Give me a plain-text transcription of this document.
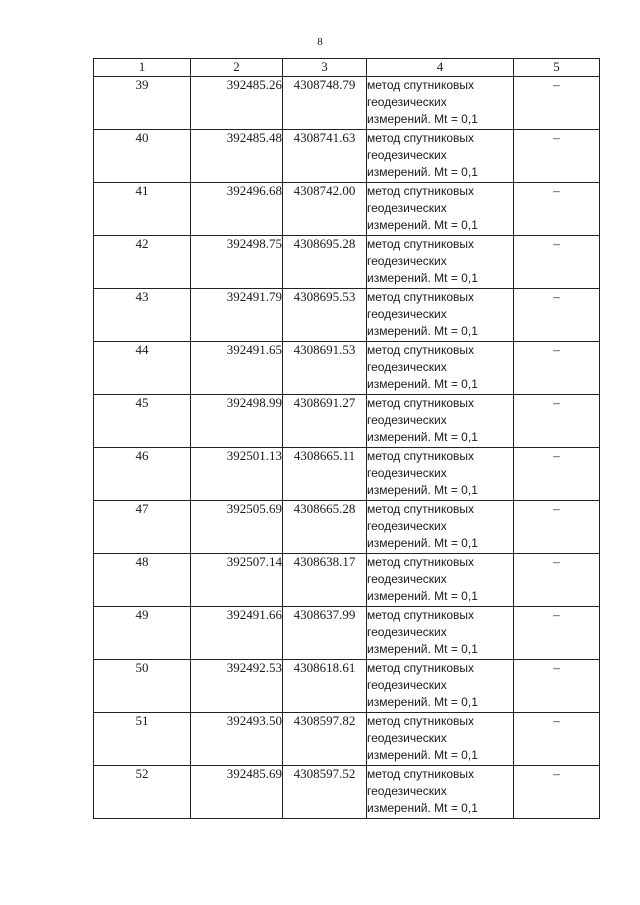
8
1	2	3	4	5
39	392485.26	4308748.79	метод спутниковых
геодезических
измерений. Mt = 0,1	–
40	392485.48	4308741.63	метод спутниковых
геодезических
измерений. Mt = 0,1	–
41	392496.68	4308742.00	метод спутниковых
геодезических
измерений. Mt = 0,1	–
42	392498.75	4308695.28	метод спутниковых
геодезических
измерений. Mt = 0,1	–
43	392491.79	4308695.53	метод спутниковых
геодезических
измерений. Mt = 0,1	–
44	392491.65	4308691.53	метод спутниковых
геодезических
измерений. Mt = 0,1	–
45	392498.99	4308691.27	метод спутниковых
геодезических
измерений. Mt = 0,1	–
46	392501.13	4308665.11	метод спутниковых
геодезических
измерений. Mt = 0,1	–
47	392505.69	4308665.28	метод спутниковых
геодезических
измерений. Mt = 0,1	–
48	392507.14	4308638.17	метод спутниковых
геодезических
измерений. Mt = 0,1	–
49	392491.66	4308637.99	метод спутниковых
геодезических
измерений. Mt = 0,1	–
50	392492.53	4308618.61	метод спутниковых
геодезических
измерений. Mt = 0,1	–
51	392493.50	4308597.82	метод спутниковых
геодезических
измерений. Mt = 0,1	–
52	392485.69	4308597.52	метод спутниковых
геодезических
измерений. Mt = 0,1	–
